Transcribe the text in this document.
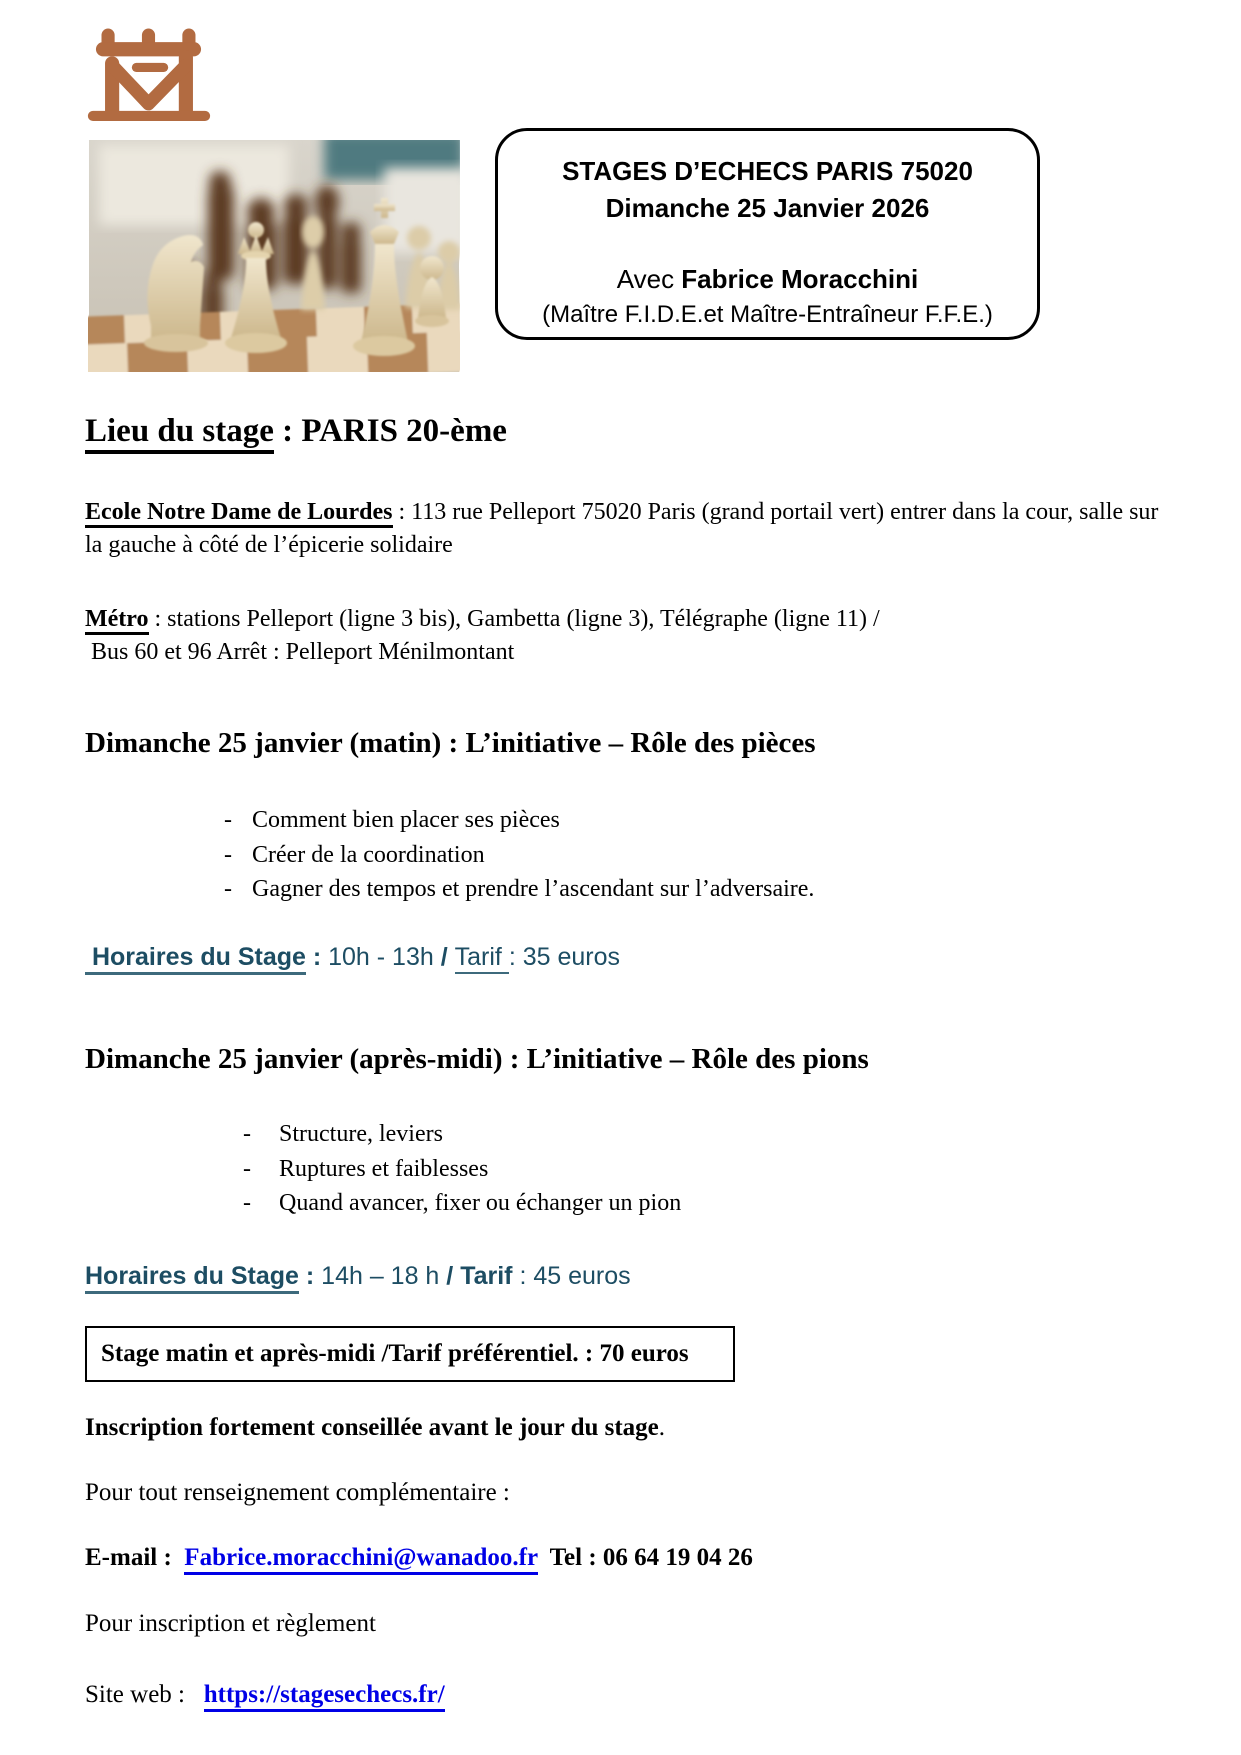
STAGES D’ECHECS PARIS 75020
Dimanche 25 Janvier 2026
Avec Fabrice Moracchini
(Maître F.I.D.E.et Maître-Entraîneur F.F.E.)
Lieu du stage : PARIS 20-ème
Ecole Notre Dame de Lourdes : 113 rue Pelleport 75020 Paris (grand portail vert) entrer dans la cour, salle sur la gauche à côté de l’épicerie solidaire
Métro : stations Pelleport (ligne 3 bis), Gambetta (ligne 3), Télégraphe (ligne 11) /
Bus 60 et 96 Arrêt : Pelleport Ménilmontant
Dimanche 25 janvier (matin) : L’initiative – Rôle des pièces
- Comment bien placer ses pièces
- Créer de la coordination
- Gagner des tempos et prendre l’ascendant sur l’adversaire.
Horaires du Stage : 10h - 13h / Tarif : 35 euros
Dimanche 25 janvier (après-midi) : L’initiative – Rôle des pions
- Structure, leviers
- Ruptures et faiblesses
- Quand avancer, fixer ou échanger un pion
Horaires du Stage : 14h – 18 h / Tarif : 45 euros
Stage matin et après-midi /Tarif préférentiel. : 70 euros
Inscription fortement conseillée avant le jour du stage.
Pour tout renseignement complémentaire :
E-mail :  Fabrice.moracchini@wanadoo.fr  Tel : 06 64 19 04 26
Pour inscription et règlement
Site web :   https://stagesechecs.fr/
